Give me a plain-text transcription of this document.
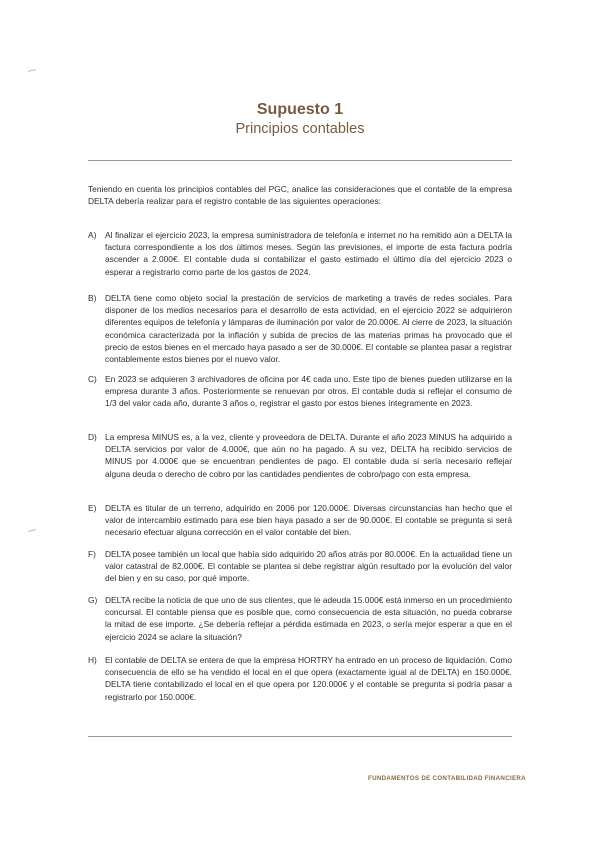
Supuesto 1
Principios contables
Teniendo en cuenta los principios contables del PGC, analice las consideraciones que el contable de la empresa DELTA debería realizar para el registro contable de las siguientes operaciones:
A)	Al finalizar el ejercicio 2023, la empresa suministradora de telefonía e internet no ha remitido aún a DELTA la factura correspondiente a los dos últimos meses. Según las previsiones, el importe de esta factura podría ascender a 2.000€. El contable duda si contabilizar el gasto estimado el último día del ejercicio 2023 o esperar a registrarlo como parte de los gastos de 2024.
B)	DELTA tiene como objeto social la prestación de servicios de marketing a través de redes sociales. Para disponer de los medios necesarios para el desarrollo de esta actividad, en el ejercicio 2022 se adquirieron diferentes equipos de telefonía y lámparas de iluminación por valor de 20.000€. Al cierre de 2023, la situación económica caracterizada por la inflación y subida de precios de las materias primas ha provocado que el precio de estos bienes en el mercado haya pasado a ser de 30.000€. El contable se plantea pasar a registrar contablemente estos bienes por el nuevo valor.
C) En 2023 se adquieren 3 archivadores de oficina por 4€ cada uno. Este tipo de bienes pueden utilizarse en la empresa durante 3 años. Posteriormente se renuevan por otros. El contable duda si reflejar el consumo de 1/3 del valor cada año, durante 3 años o, registrar el gasto por estos bienes íntegramente en 2023.
D) La empresa MINUS es, a la vez, cliente y proveedora de DELTA. Durante el año 2023 MINUS ha adquirido a DELTA servicios por valor de 4.000€, que aún no ha pagado. A su vez, DELTA ha recibido servicios de MINUS por 4.000€ que se encuentran pendientes de pago. El contable duda si sería necesario reflejar alguna deuda o derecho de cobro por las cantidades pendientes de cobro/pago con esta empresa.
E)	DELTA es titular de un terreno, adquirido en 2006 por 120.000€. Diversas circunstancias han hecho que el valor de intercambio estimado para ese bien haya pasado a ser de 90.000€. El contable se pregunta si será necesario efectuar alguna corrección en el valor contable del bien.
F)	DELTA posee también un local que había sido adquirido 20 años atrás por 80.000€. En la actualidad tiene un valor catastral de 82.000€. El contable se plantea si debe registrar algún resultado por la evolución del valor del bien y en su caso, por qué importe.
G) DELTA recibe la noticia de que uno de sus clientes, que le adeuda 15.000€ está inmerso en un procedimiento concursal. El contable piensa que es posible que, como consecuencia de esta situación, no pueda cobrarse la mitad de ese importe. ¿Se debería reflejar a pérdida estimada en 2023, o sería mejor esperar a que en el ejercicio 2024 se aclare la situación?
H) El contable de DELTA se entera de que la empresa HORTRY ha entrado en un proceso de liquidación. Como consecuencia de ello se ha vendido el local en el que opera (exactamente igual al de DELTA) en 150.000€. DELTA tiene contabilizado el local en el que opera por 120.000€ y el contable se pregunta si podría pasar a registrarlo por 150.000€.
FUNDAMENTOS DE CONTABILIDAD FINANCIERA
